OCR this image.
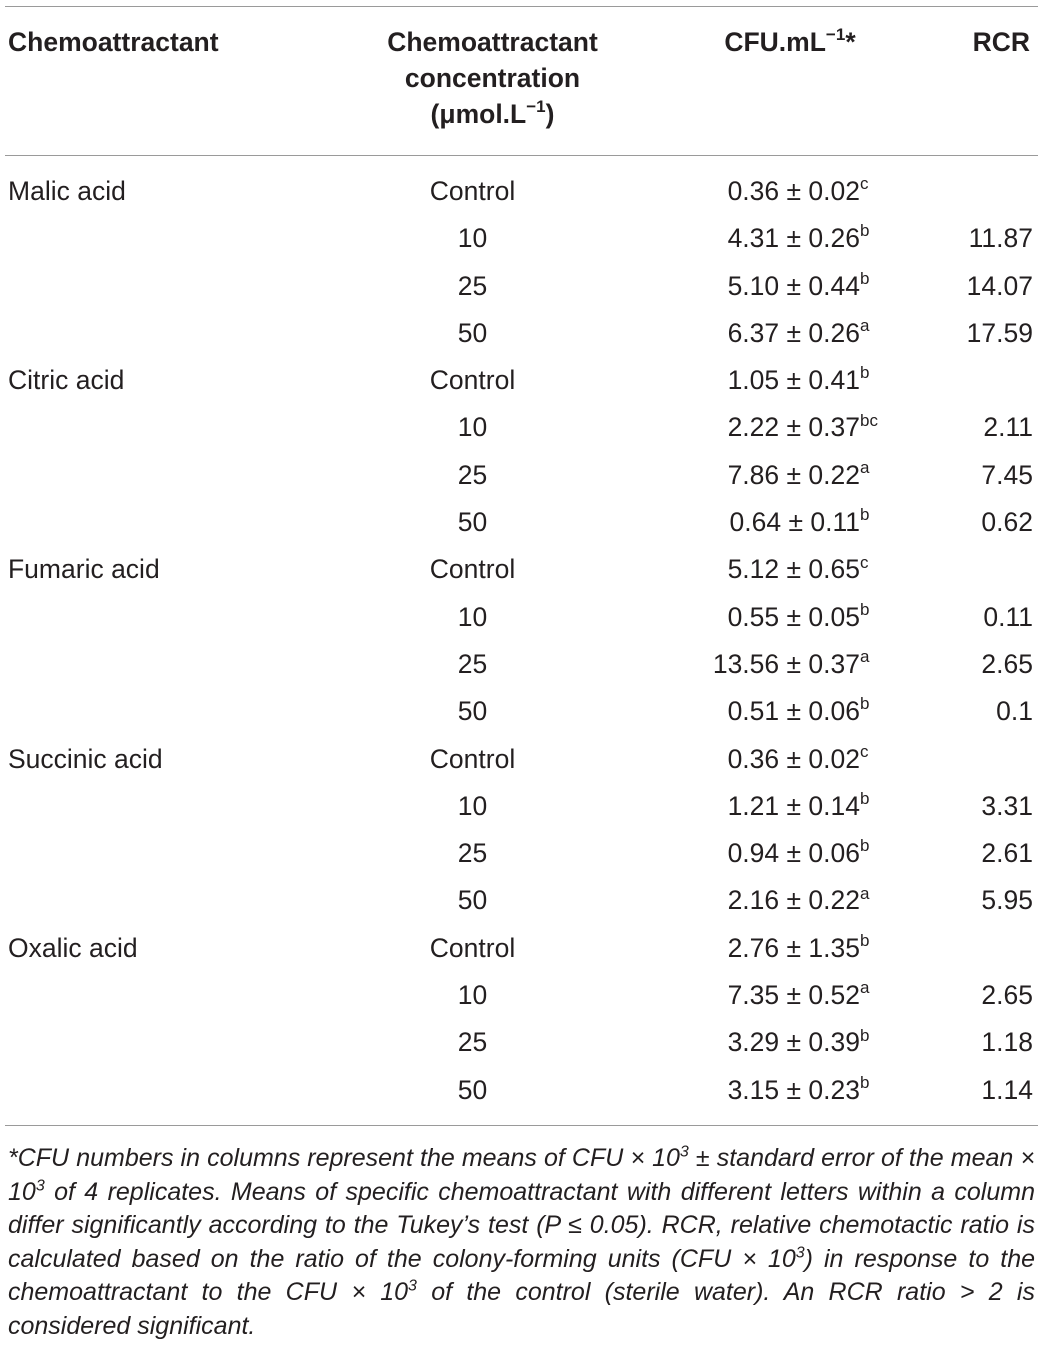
Chemoattractant	Chemoattractant
concentration
$(\mu mol.L^{-1})$
$CFU.mL^{-1}*$	RCR
Malic acid	Control	0.36 ± 0.02$^c$
10	4.31 ± 0.26$^b$	11.87
25	5.10 ± 0.44$^b$	14.07
50	6.37 ± 0.26$^a$	17.59
Citric acid	Control	1.05 ± 0.41$^b$
10	2.22 ± 0.37$^{bc}$	2.11
25	7.86 ± 0.22$^a$	7.45
50	0.64 ± 0.11$^b$	0.62
Fumaric acid	Control	5.12 ± 0.65$^c$
10	0.55 ± 0.05$^b$	0.11
25	13.56 ± 0.37$^a$	2.65
50	0.51 ± 0.06$^b$	0.1
Succinic acid	Control	0.36 ± 0.02$^c$
10	1.21 ± 0.14$^b$	3.31
25	0.94 ± 0.06$^b$	2.61
50	2.16 ± 0.22$^a$	5.95
Oxalic acid	Control	2.76 ± 1.35$^b$
10	7.35 ± 0.52$^a$	2.65
25	3.29 ± 0.39$^b$	1.18
50	3.15 ± 0.23$^b$	1.14
*CFU numbers in columns represent the means of CFU × $10^3$ ± standard error of the mean × $10^3$ of 4 replicates. Means of specific chemoattractant with different letters within a column differ significantly according to the Tukey’s test (P ≤ 0.05). RCR, relative chemotactic ratio is calculated based on the ratio of the colony-forming units $(CFU \times 10^3)$ in response to the chemoattractant to the CFU × $10^3$ of the control (sterile water). An RCR ratio > 2 is considered significant.
